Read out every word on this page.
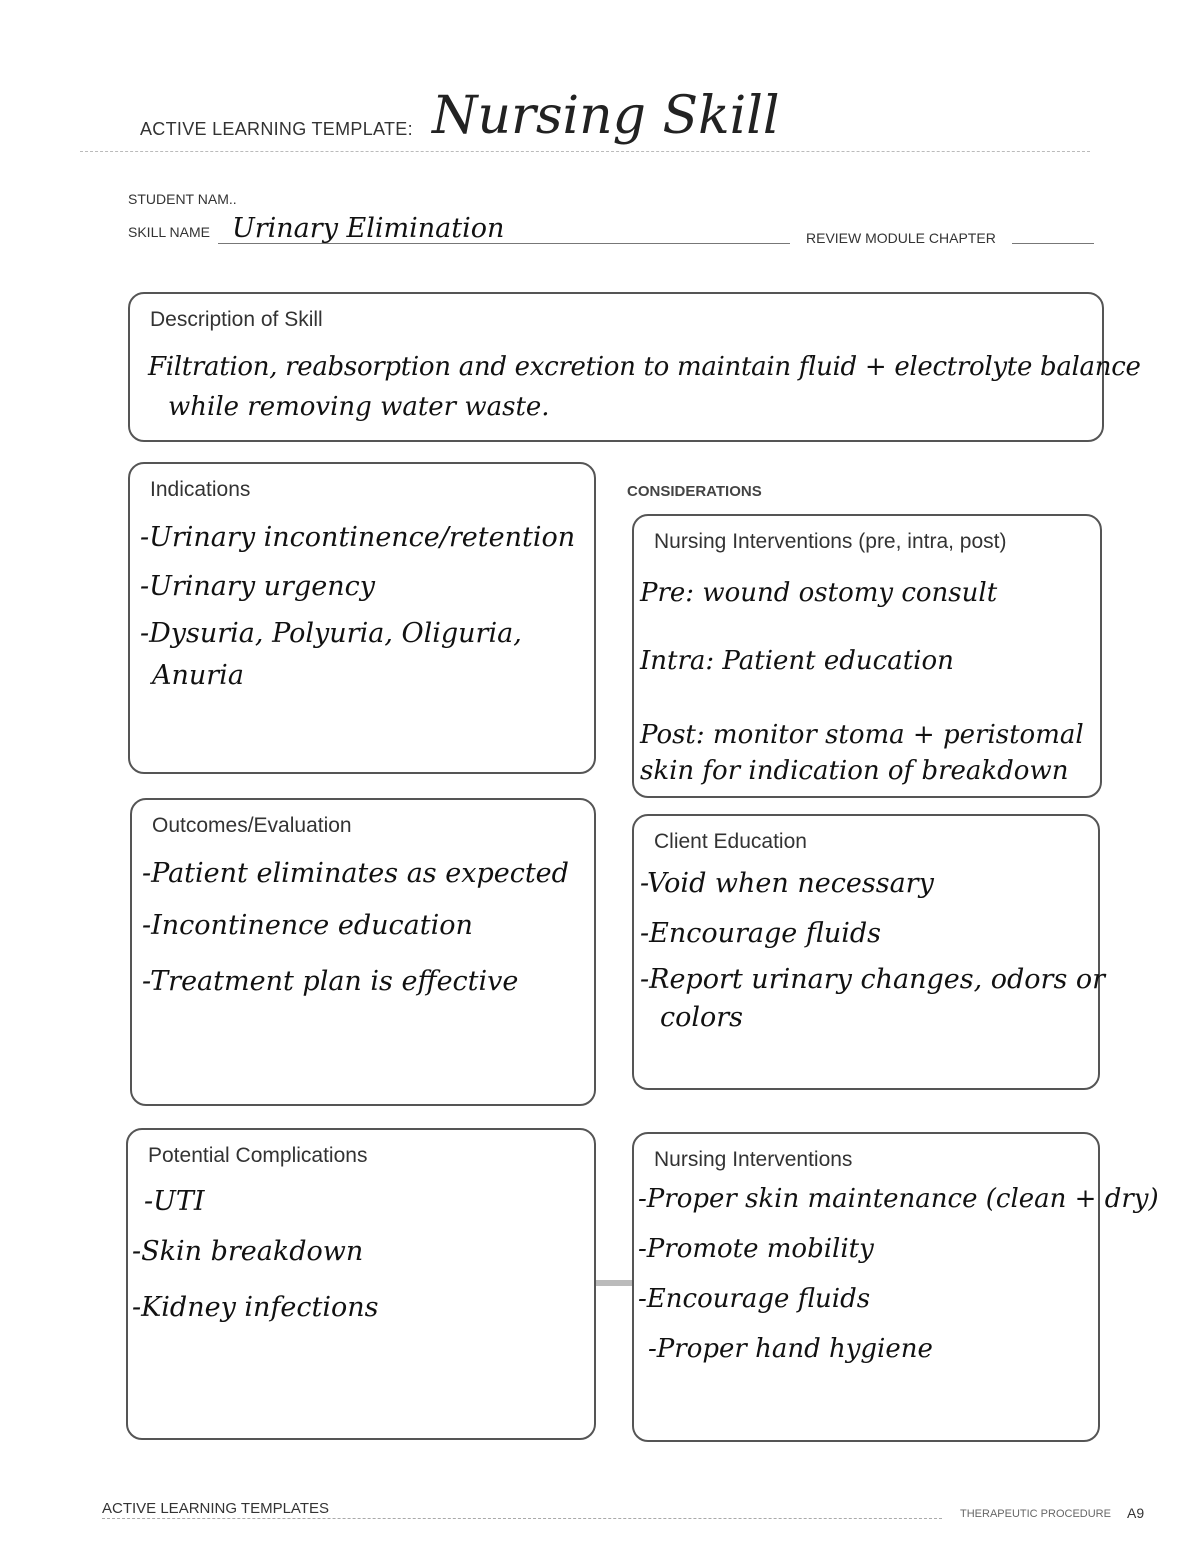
ACTIVE LEARNING TEMPLATE: Nursing Skill
STUDENT NAM..
SKILL NAME Urinary Elimination	REVIEW MODULE CHAPTER
Description of Skill
Filtration, reabsorption and excretion to maintain fluid + electrolyte balance
while removing water waste.
Indications
-Urinary incontinence/retention
-Urinary urgency
-Dysuria, Polyuria, Oliguria,
Anuria
CONSIDERATIONS
Nursing Interventions (pre, intra, post)
Pre: wound ostomy consult
Intra: Patient education
Post: monitor stoma + peristomal
skin for indication of breakdown
Outcomes/Evaluation
-Patient eliminates as expected
-Incontinence education
-Treatment plan is effective
Client Education
-Void when necessary
-Encourage fluids
-Report urinary changes, odors or
colors
Potential Complications
-UTI
-Skin breakdown
-Kidney infections
Nursing Interventions
-Proper skin maintenance (clean + dry)
-Promote mobility
-Encourage fluids
-Proper hand hygiene
ACTIVE LEARNING TEMPLATES	THERAPEUTIC PROCEDURE A9
